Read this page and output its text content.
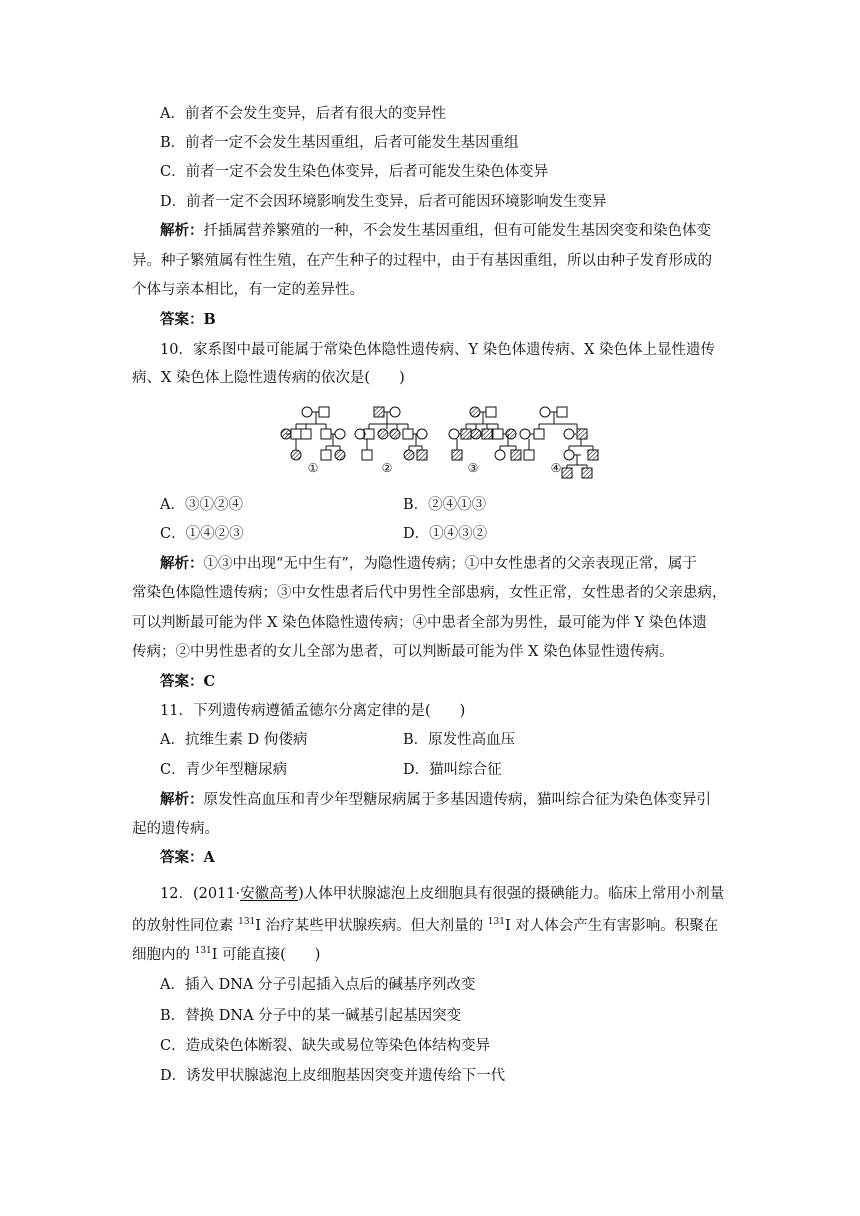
A．前者不会发生变异，后者有很大的变异性
B．前者一定不会发生基因重组，后者可能发生基因重组
C．前者一定不会发生染色体变异，后者可能发生染色体变异
D．前者一定不会因环境影响发生变异，后者可能因环境影响发生变异
解析：扦插属营养繁殖的一种，不会发生基因重组，但有可能发生基因突变和染色体变
异。种子繁殖属有性生殖，在产生种子的过程中，由于有基因重组，所以由种子发育形成的
个体与亲本相比，有一定的差异性。
答案：B
10．家系图中最可能属于常染色体隐性遗传病、Y 染色体遗传病、X 染色体上显性遗传
病、X 染色体上隐性遗传病的依次是(　　)
①	②	③	④
A．③①②④	B．②④①③
C．①④②③	D．①④③②
解析：①③中出现“无中生有”，为隐性遗传病；①中女性患者的父亲表现正常，属于
常染色体隐性遗传病；③中女性患者后代中男性全部患病，女性正常，女性患者的父亲患病，
可以判断最可能为伴 X 染色体隐性遗传病；④中患者全部为男性，最可能为伴 Y 染色体遗
传病；②中男性患者的女儿全部为患者，可以判断最可能为伴 X 染色体显性遗传病。
答案：C
11．下列遗传病遵循孟德尔分离定律的是(　　)
A．抗维生素 D 佝偻病	B．原发性高血压
C．青少年型糖尿病	D．猫叫综合征
解析：原发性高血压和青少年型糖尿病属于多基因遗传病，猫叫综合征为染色体变异引
起的遗传病。
答案：A
12．(2011·安徽高考)人体甲状腺滤泡上皮细胞具有很强的摄碘能力。临床上常用小剂量
的放射性同位素 $^{131}$I 治疗某些甲状腺疾病。但大剂量的 $^{131}$I 对人体会产生有害影响。积聚在
细胞内的 $^{131}$I 可能直接(　　)
A．插入 DNA 分子引起插入点后的碱基序列改变
B．替换 DNA 分子中的某一碱基引起基因突变
C．造成染色体断裂、缺失或易位等染色体结构变异
D．诱发甲状腺滤泡上皮细胞基因突变并遗传给下一代
